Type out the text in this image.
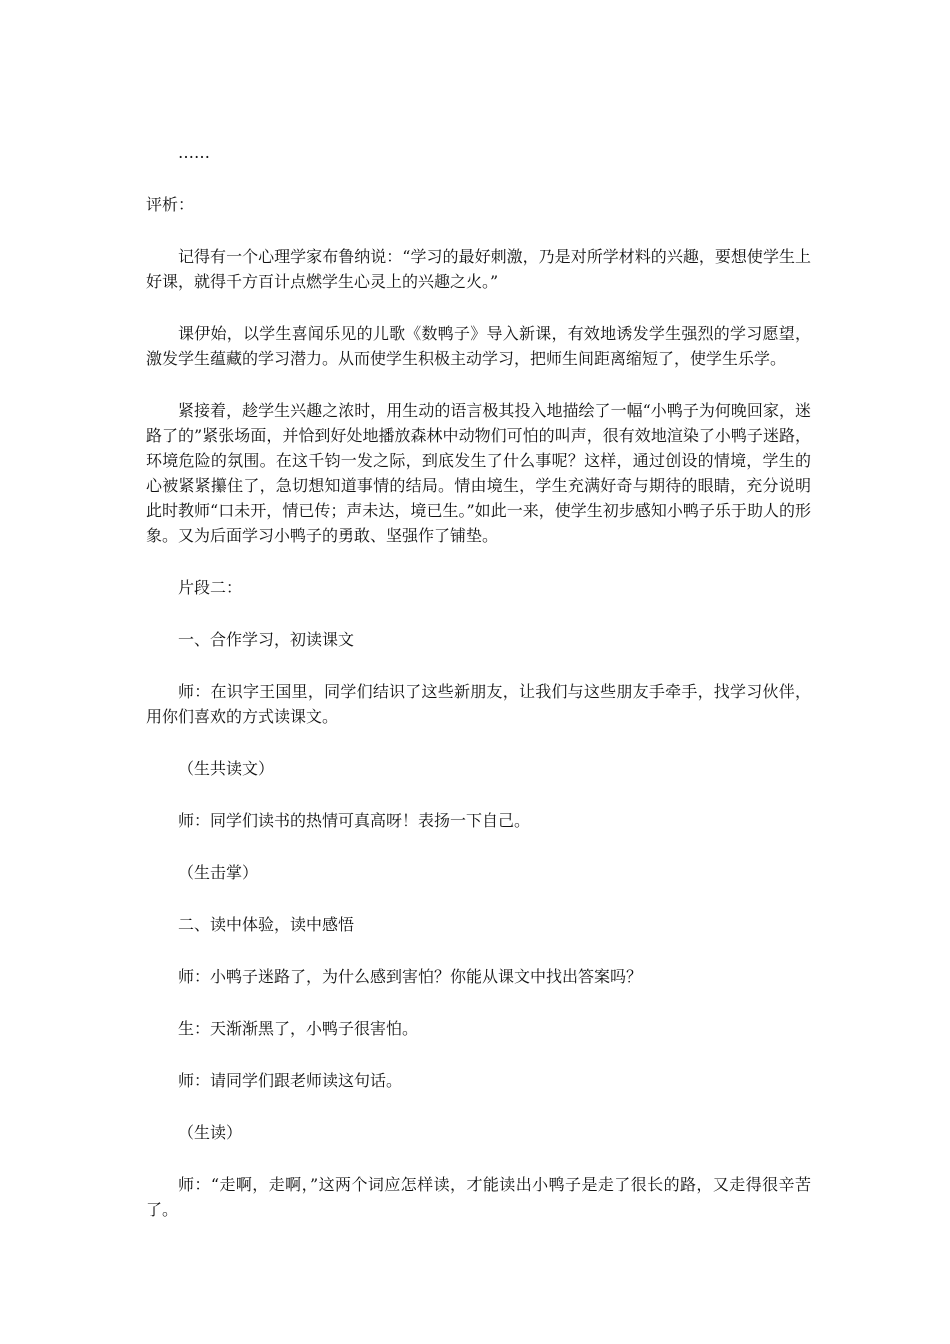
……

评析：

记得有一个心理学家布鲁纳说：“学习的最好刺激，乃是对所学材料的兴趣，要想使学生上好课，就得千方百计点燃学生心灵上的兴趣之火。”

课伊始，以学生喜闻乐见的儿歌《数鸭子》导入新课，有效地诱发学生强烈的学习愿望，激发学生蕴藏的学习潜力。从而使学生积极主动学习，把师生间距离缩短了，使学生乐学。

紧接着，趁学生兴趣之浓时，用生动的语言极其投入地描绘了一幅“小鸭子为何晚回家，迷路了的”紧张场面，并恰到好处地播放森林中动物们可怕的叫声，很有效地渲染了小鸭子迷路，环境危险的氛围。在这千钧一发之际，到底发生了什么事呢？这样，通过创设的情境，学生的心被紧紧攥住了，急切想知道事情的结局。情由境生，学生充满好奇与期待的眼睛，充分说明此时教师“口未开，情已传；声未达，境已生。”如此一来，使学生初步感知小鸭子乐于助人的形象。又为后面学习小鸭子的勇敢、坚强作了铺垫。

片段二：

一、合作学习，初读课文

师：在识字王国里，同学们结识了这些新朋友，让我们与这些朋友手牵手，找学习伙伴，用你们喜欢的方式读课文。

（生共读文）

师：同学们读书的热情可真高呀！表扬一下自己。

（生击掌）

二、读中体验，读中感悟

师：小鸭子迷路了，为什么感到害怕？你能从课文中找出答案吗？

生：天渐渐黑了，小鸭子很害怕。

师：请同学们跟老师读这句话。

（生读）

师：“走啊，走啊，”这两个词应怎样读，才能读出小鸭子是走了很长的路，又走得很辛苦了。
